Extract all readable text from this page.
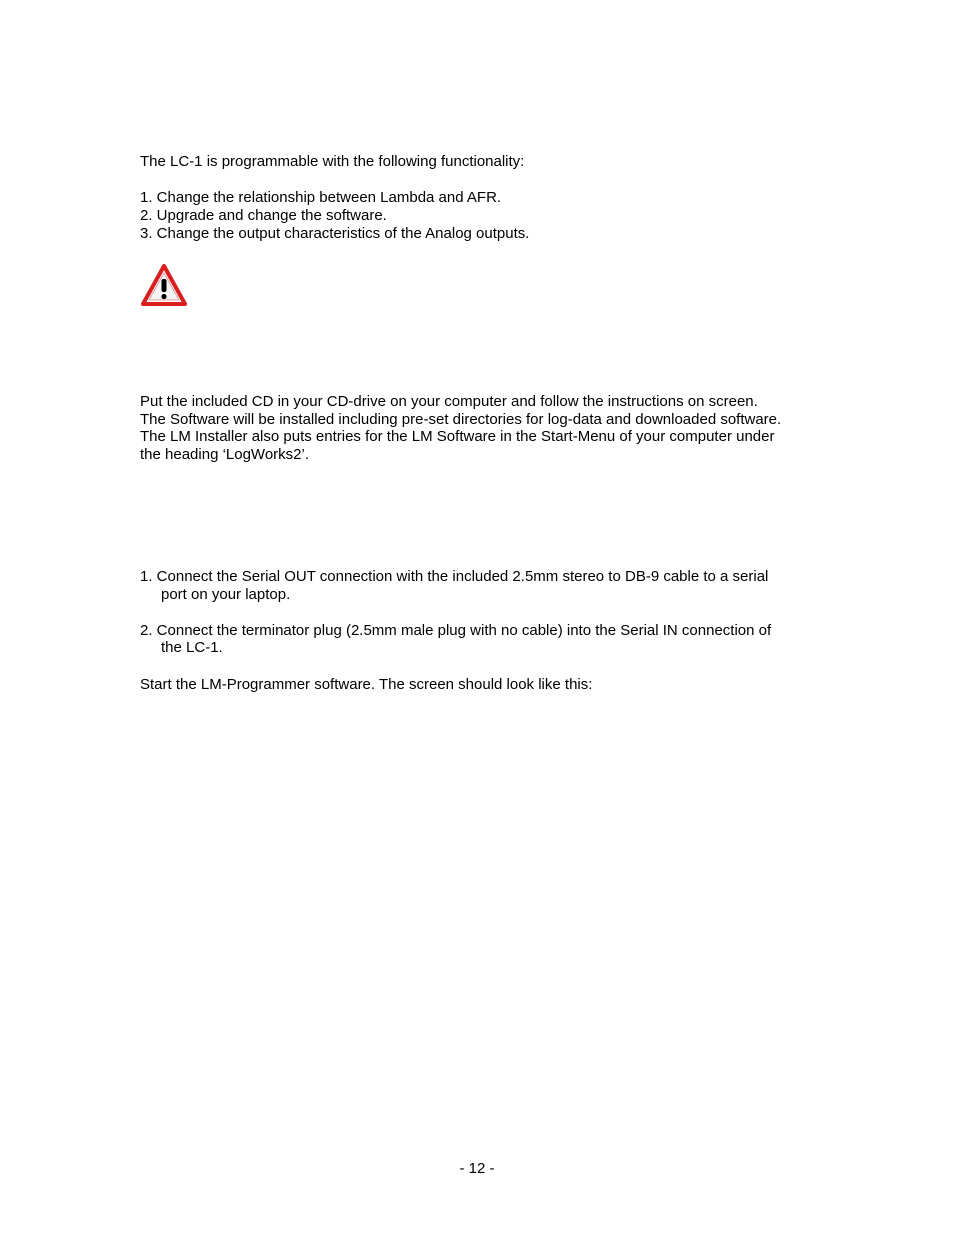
The LC-1 is programmable with the following functionality:
1. Change the relationship between Lambda and AFR.
2. Upgrade and change the software.
3. Change the output characteristics of the Analog outputs.
Put the included CD in your CD-drive on your computer and follow the instructions on screen.
The Software will be installed including pre-set directories for log-data and downloaded software.
The LM Installer also puts entries for the LM Software in the Start-Menu of your computer under
the heading ‘LogWorks2’.
1. Connect the Serial OUT connection with the included 2.5mm stereo to DB-9 cable to a serial
port on your laptop.
2. Connect the terminator plug (2.5mm male plug with no cable) into the Serial IN connection of
the LC-1.
Start the LM-Programmer software. The screen should look like this:
- 12 -
